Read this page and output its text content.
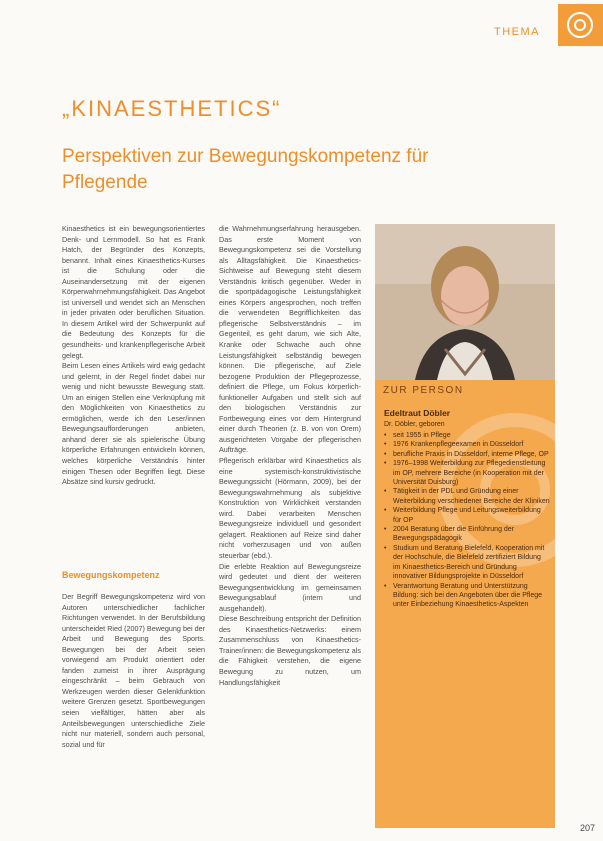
THEMA
„KINAESTHETICS“
Perspektiven zur Bewegungskompetenz für Pflegende

Kinaesthetics ist ein bewegungsorientiertes Denk- und Lernmodell. So hat es Frank Hatch, der Begründer des Konzepts, benannt. Inhalt eines Kinaesthetics-Kurses ist die Schulung oder die Auseinandersetzung mit der eigenen Körperwahrnehmungsfähigkeit. Das Angebot ist universell und wendet sich an Menschen in jeder privaten oder beruflichen Situation. In diesem Artikel wird der Schwerpunkt auf die Bedeutung des Konzepts für die gesundheits- und krankenpflegerische Arbeit gelegt.
Beim Lesen eines Artikels wird ewig gedacht und gelernt, in der Regel findet dabei nur wenig und nicht bewusste Bewegung statt. Um an einigen Stellen eine Verknüpfung mit den Möglichkeiten von Kinaesthetics zu ermöglichen, werde ich den Leser/innen Bewegungsaufforderungen anbieten, anhand derer sie als spielerische Übung körperliche Erfahrungen entwickeln können, welches körperliche Verständnis hinter einigen Thesen oder Begriffen liegt. Diese Absätze sind kursiv gedruckt.

Bewegungskompetenz

Der Begriff Bewegungskompetenz wird von Autoren unterschiedlicher fachlicher Richtungen verwendet. In der Berufsbildung unterscheidet Ried (2007) Bewegung bei der Arbeit und Bewegung des Sports. Bewegungen bei der Arbeit seien vorwiegend am Produkt orientiert oder fanden zumeist in ihrer Ausprägung eingeschränkt – beim Gebrauch von Werkzeugen werden dieser Gelenkfunktion weitere Grenzen gesetzt. Sportbewegungen seien vielfältiger, hätten aber als Anteilsbewegungen unterschiedliche Ziele nicht nur materiell, sondern auch personal, sozial und für

die Wahrnehmungserfahrung herausgeben. Das erste Moment von Bewegungskompetenz sei die Vorstellung als Alltagsfähigkeit. Die Kinaesthetics-Sichtweise auf Bewegung steht diesem Verständnis kritisch gegenüber. Weder in die sportpädagogische Leistungsfähigkeit eines Körpers angesprochen, noch treffen die verwendeten Begrifflichkeiten das pflegerische Selbstverständnis – im Gegenteil, es geht darum, wie sich Alte, Kranke oder Schwache auch ohne Leistungsfähigkeit selbständig bewegen können. Die pflegerische, auf Ziele bezogene Produktion der Pflegeprozesse, definiert die Pflege, um Fokus körperlich-funktioneller Aufgaben und stellt sich auf den biologischen Verständnis zur Fortbewegung eines vor dem Hintergrund einer durch Theorien (z. B. von von Orem) ausgerichteten Vorgabe der pflegerischen Aufträge.
Pflegerisch erklärbar wird Kinaesthetics als eine systemisch-konstruktivistische Bewegungssicht (Hörmann, 2009), bei der Bewegungswahrnehmung als subjektive Konstruktion von Wirklichkeit verstanden wird. Dabei verarbeiten Menschen Bewegungsreize individuell und gesondert gelagert. Reaktionen auf Reize sind daher nicht vorherzusagen und von außen steuerbar (ebd.).
Die erlebte Reaktion auf Bewegungsreize wird gedeutet und dient der weiteren Bewegungsentwicklung im gemeinsamen Bewegungsablauf (intern und ausgehandelt).
Diese Beschreibung entspricht der Definition des Kinaesthetics-Netzwerks: einem Zusammenschluss von Kinaesthetics-Trainer/innen: die Bewegungskompetenz als die Fähigkeit verstehen, die eigene Bewegung zu nutzen, um Handlungsfähigkeit

ZUR PERSON
Edeltraut Döbler
Dr. Döbler, geboren
• seit 1955 in Pflege
• 1976 Krankenpflegeexamen in Düsseldorf
• berufliche Praxis in Düsseldorf, interne Pflege, OP
• 1976–1998 Weiterbildung zur Pflegedienstleitung im OP, mehrere Bereiche (in Kooperation mit der Universität Duisburg)
• Tätigkeit in der PDL und Gründung einer Weiterbildung verschiedener Bereiche der Kliniken
• Weiterbildung Pflege und Leitungsweiterbildung für OP
• 2004 Beratung über die Einführung der Bewegungspädagogik
• Studium und Beratung Bielefeld, Kooperation mit der Hochschule, die Bielefeld zertifiziert Bildung im Kinaesthetics-Bereich und Gründung innovativer Bildungsprojekte in Düsseldorf
• Verantwortung Beratung und Unterstützung Bildung: sich bei den Angeboten über die Pflege unter Einbeziehung Kinaesthetics-Aspekten
207
